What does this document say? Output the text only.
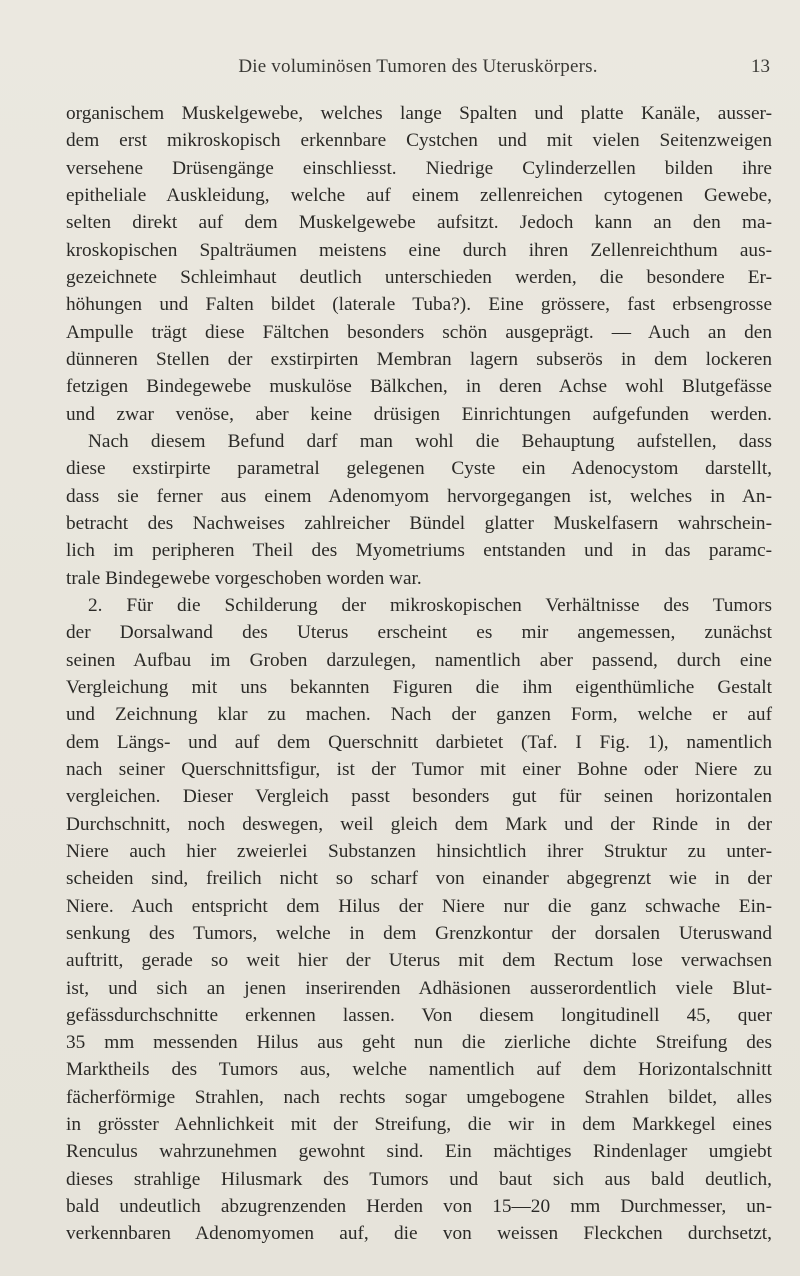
Die voluminösen Tumoren des Uteruskörpers.	13
organischem Muskelgewebe, welches lange Spalten und platte Kanäle, ausser-
dem erst mikroskopisch erkennbare Cystchen und mit vielen Seitenzweigen
versehene Drüsengänge einschliesst. Niedrige Cylinderzellen bilden ihre
epitheliale Auskleidung, welche auf einem zellenreichen cytogenen Gewebe,
selten direkt auf dem Muskelgewebe aufsitzt. Jedoch kann an den ma-
kroskopischen Spalträumen meistens eine durch ihren Zellenreichthum aus-
gezeichnete Schleimhaut deutlich unterschieden werden, die besondere Er-
höhungen und Falten bildet (laterale Tuba?). Eine grössere, fast erbsengrosse
Ampulle trägt diese Fältchen besonders schön ausgeprägt. — Auch an den
dünneren Stellen der exstirpirten Membran lagern subserös in dem lockeren
fetzigen Bindegewebe muskulöse Bälkchen, in deren Achse wohl Blutgefässe
und zwar venöse, aber keine drüsigen Einrichtungen aufgefunden werden.
Nach diesem Befund darf man wohl die Behauptung aufstellen, dass
diese exstirpirte parametral gelegenen Cyste ein Adenocystom darstellt,
dass sie ferner aus einem Adenomyom hervorgegangen ist, welches in An-
betracht des Nachweises zahlreicher Bündel glatter Muskelfasern wahrschein-
lich im peripheren Theil des Myometriums entstanden und in das paramc-
trale Bindegewebe vorgeschoben worden war.
2. Für die Schilderung der mikroskopischen Verhältnisse des Tumors
der Dorsalwand des Uterus erscheint es mir angemessen, zunächst
seinen Aufbau im Groben darzulegen, namentlich aber passend, durch eine
Vergleichung mit uns bekannten Figuren die ihm eigenthümliche Gestalt
und Zeichnung klar zu machen. Nach der ganzen Form, welche er auf
dem Längs- und auf dem Querschnitt darbietet (Taf. I Fig. 1), namentlich
nach seiner Querschnittsfigur, ist der Tumor mit einer Bohne oder Niere zu
vergleichen. Dieser Vergleich passt besonders gut für seinen horizontalen
Durchschnitt, noch deswegen, weil gleich dem Mark und der Rinde in der
Niere auch hier zweierlei Substanzen hinsichtlich ihrer Struktur zu unter-
scheiden sind, freilich nicht so scharf von einander abgegrenzt wie in der
Niere. Auch entspricht dem Hilus der Niere nur die ganz schwache Ein-
senkung des Tumors, welche in dem Grenzkontur der dorsalen Uteruswand
auftritt, gerade so weit hier der Uterus mit dem Rectum lose verwachsen
ist, und sich an jenen inserirenden Adhäsionen ausserordentlich viele Blut-
gefässdurchschnitte erkennen lassen. Von diesem longitudinell 45, quer
35 mm messenden Hilus aus geht nun die zierliche dichte Streifung des
Marktheils des Tumors aus, welche namentlich auf dem Horizontalschnitt
fächerförmige Strahlen, nach rechts sogar umgebogene Strahlen bildet, alles
in grösster Aehnlichkeit mit der Streifung, die wir in dem Markkegel eines
Renculus wahrzunehmen gewohnt sind. Ein mächtiges Rindenlager umgiebt
dieses strahlige Hilusmark des Tumors und baut sich aus bald deutlich,
bald undeutlich abzugrenzenden Herden von 15—20 mm Durchmesser, un-
verkennbaren Adenomyomen auf, die von weissen Fleckchen durchsetzt,
